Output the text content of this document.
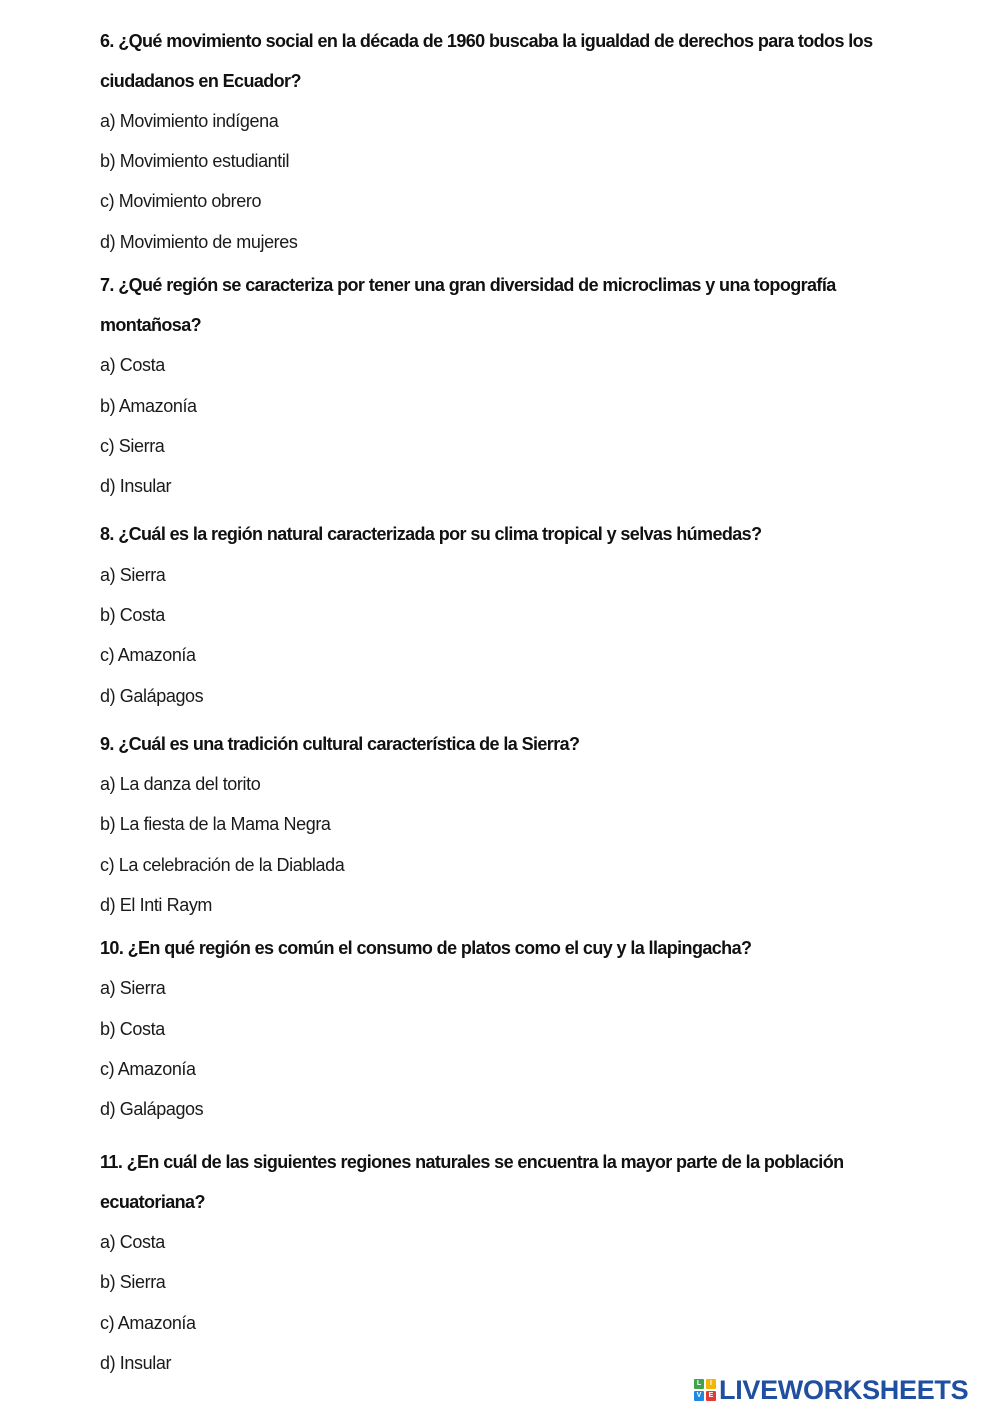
6. ¿Qué movimiento social en la década de 1960 buscaba la igualdad de derechos para todos los
ciudadanos en Ecuador?
a) Movimiento indígena
b) Movimiento estudiantil
c) Movimiento obrero
d) Movimiento de mujeres
7. ¿Qué región se caracteriza por tener una gran diversidad de microclimas y una topografía
montañosa?
a) Costa
b) Amazonía
c) Sierra
d) Insular
8. ¿Cuál es la región natural caracterizada por su clima tropical y selvas húmedas?
a) Sierra
b) Costa
c) Amazonía
d) Galápagos
9. ¿Cuál es una tradición cultural característica de la Sierra?
a) La danza del torito
b) La fiesta de la Mama Negra
c) La celebración de la Diablada
d) El Inti Raym
10. ¿En qué región es común el consumo de platos como el cuy y la llapingacha?
a) Sierra
b) Costa
c) Amazonía
d) Galápagos
11. ¿En cuál de las siguientes regiones naturales se encuentra la mayor parte de la población
ecuatoriana?
a) Costa
b) Sierra
c) Amazonía
d) Insular
L	I
V	E LIVEWORKSHEETS
